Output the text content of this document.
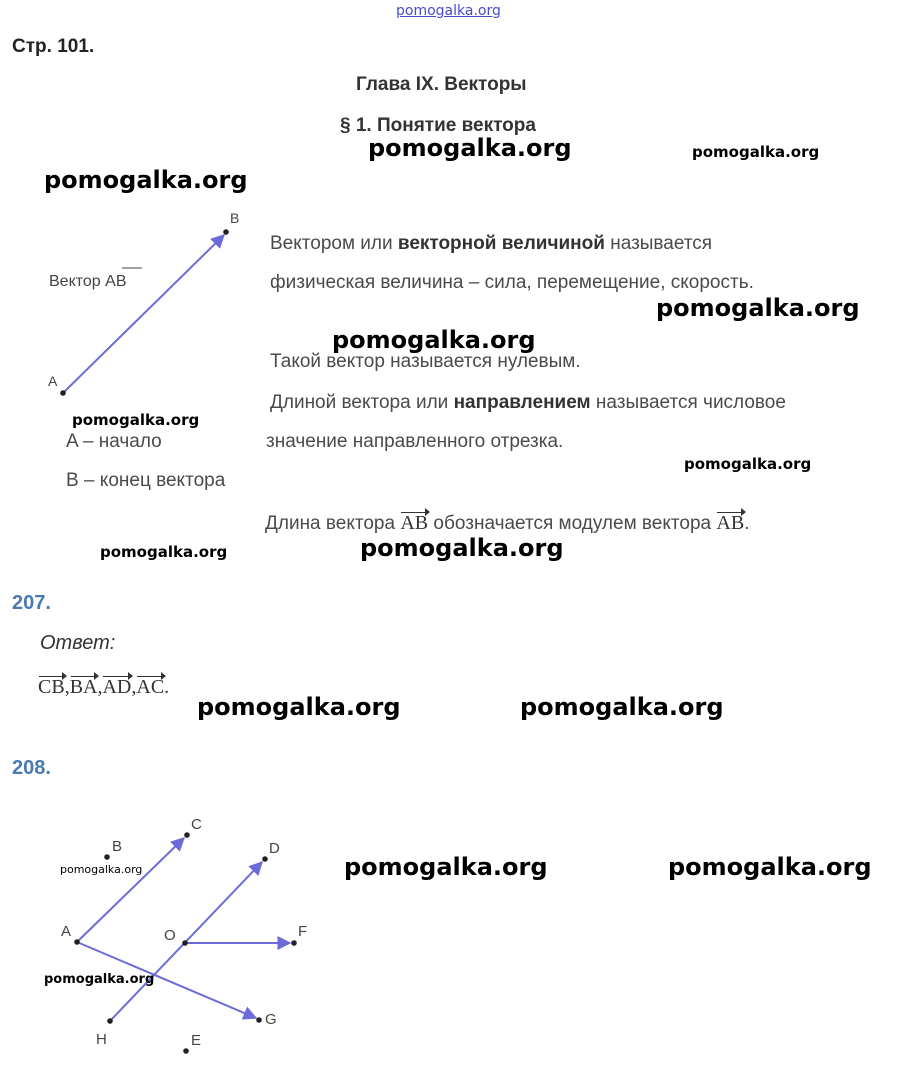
pomogalka.org
Стр. 101.
Глава IX. Векторы
§ 1. Понятие вектора
pomogalka.org	pomogalka.org
pomogalka.org
pomogalka.org
pomogalka.org
pomogalka.org
pomogalka.org
pomogalka.org	pomogalka.org
pomogalka.org	pomogalka.org
pomogalka.org	pomogalka.org
Вектор AB
A
B
Вектором или векторной величиной называется
физическая величина – сила, перемещение, скорость.
Такой вектор называется нулевым.
Длиной вектора или направлением называется числовое
значение направленного отрезка.
A – начало
B – конец вектора
Длина вектора AB обозначается модулем вектора AB.
207.
Ответ:
CB,BA,AD,AC.
208.
A
B
C
D
E
F
G
H
O
pomogalka.org
pomogalka.org
